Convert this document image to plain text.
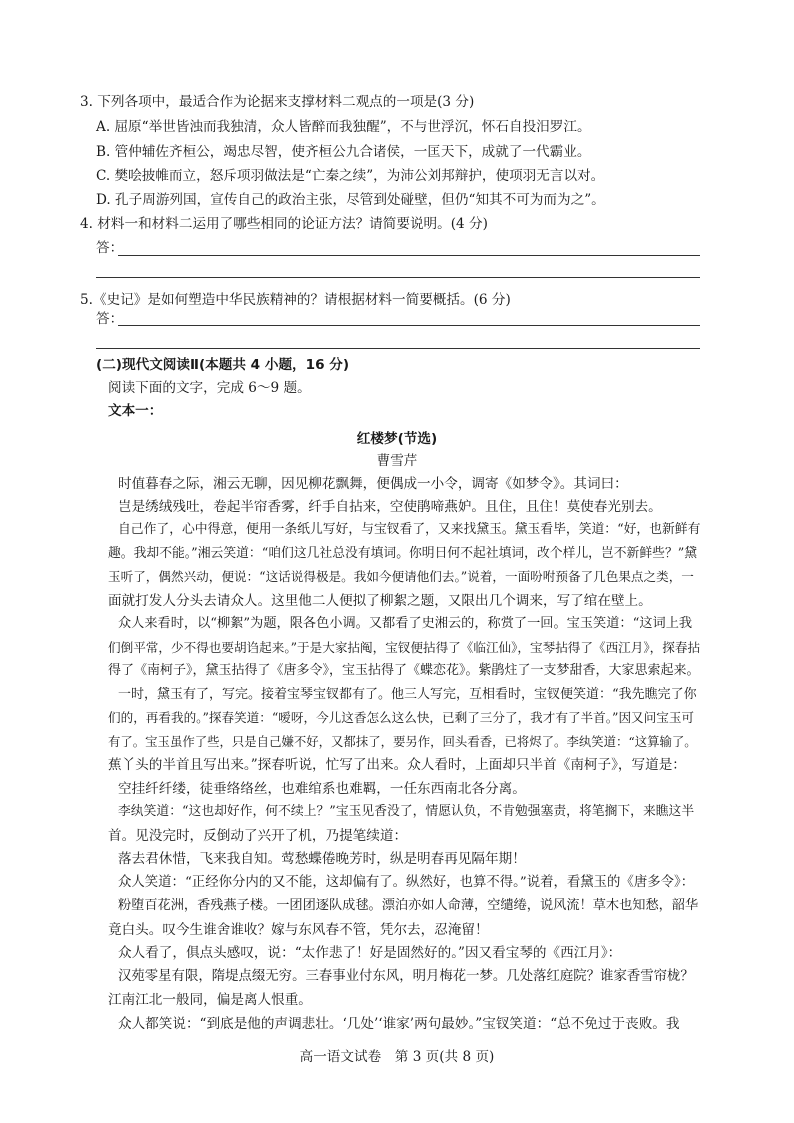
3. 下列各项中，最适合作为论据来支撑材料二观点的一项是(3 分)
A. 屈原“举世皆浊而我独清，众人皆醉而我独醒”，不与世浮沉，怀石自投汨罗江。
B. 管仲辅佐齐桓公，竭忠尽智，使齐桓公九合诸侯，一匡天下，成就了一代霸业。
C. 樊哙披帷而立，怒斥项羽做法是“亡秦之续”，为沛公刘邦辩护，使项羽无言以对。
D. 孔子周游列国，宣传自己的政治主张，尽管到处碰壁，但仍“知其不可为而为之”。
4. 材料一和材料二运用了哪些相同的论证方法？请简要说明。(4 分)
答：
5.《史记》是如何塑造中华民族精神的？请根据材料一简要概括。(6 分)
答：
(二)现代文阅读Ⅱ(本题共 4 小题，16 分)
阅读下面的文字，完成 6～9 题。
文本一：
红楼梦(节选)
曹雪芹
时值暮春之际，湘云无聊，因见柳花飘舞，便偶成一小令，调寄《如梦令》。其词曰：
岂是绣绒残吐，卷起半帘香雾，纤手自拈来，空使鹃啼燕妒。且住，且住！莫使春光别去。
自己作了，心中得意，便用一条纸儿写好，与宝钗看了，又来找黛玉。黛玉看毕，笑道：“好，也新鲜有
趣。我却不能。”湘云笑道：“咱们这几社总没有填词。你明日何不起社填词，改个样儿，岂不新鲜些？”黛
玉听了，偶然兴动，便说：“这话说得极是。我如今便请他们去。”说着，一面吩咐预备了几色果点之类，一
面就打发人分头去请众人。这里他二人便拟了柳絮之题，又限出几个调来，写了绾在壁上。
众人来看时，以“柳絮”为题，限各色小调。又都看了史湘云的，称赏了一回。宝玉笑道：“这词上我
们倒平常，少不得也要胡诌起来。”于是大家拈阄，宝钗便拈得了《临江仙》，宝琴拈得了《西江月》，探春拈
得了《南柯子》，黛玉拈得了《唐多令》，宝玉拈得了《蝶恋花》。紫鹃炷了一支梦甜香，大家思索起来。
一时，黛玉有了，写完。接着宝琴宝钗都有了。他三人写完，互相看时，宝钗便笑道：“我先瞧完了你
们的，再看我的。”探春笑道：“嗳呀，今儿这香怎么这么快，已剩了三分了，我才有了半首。”因又问宝玉可
有了。宝玉虽作了些，只是自己嫌不好，又都抹了，要另作，回头看香，已将烬了。李纨笑道：“这算输了。
蕉丫头的半首且写出来。”探春听说，忙写了出来。众人看时，上面却只半首《南柯子》，写道是：
空挂纤纤缕，徒垂络络丝，也难绾系也难羁，一任东西南北各分离。
李纨笑道：“这也却好作，何不续上？”宝玉见香没了，情愿认负，不肯勉强塞责，将笔搁下，来瞧这半
首。见没完时，反倒动了兴开了机，乃提笔续道：
落去君休惜，飞来我自知。莺愁蝶倦晚芳时，纵是明春再见隔年期！
众人笑道：“正经你分内的又不能，这却偏有了。纵然好，也算不得。”说着，看黛玉的《唐多令》：
粉堕百花洲，香残燕子楼。一团团逐队成毬。漂泊亦如人命薄，空缱绻，说风流！草木也知愁，韶华
竟白头。叹今生谁舍谁收？嫁与东风春不管，凭尔去，忍淹留！
众人看了，俱点头感叹，说：“太作悲了！好是固然好的。”因又看宝琴的《西江月》：
汉苑零星有限，隋堤点缀无穷。三春事业付东风，明月梅花一梦。几处落红庭院？谁家香雪帘栊？
江南江北一般同，偏是离人恨重。
众人都笑说：“到底是他的声调悲壮。‘几处’‘谁家’两句最妙。”宝钗笑道：“总不免过于丧败。我
高一语文试卷　第 3 页(共 8 页)
